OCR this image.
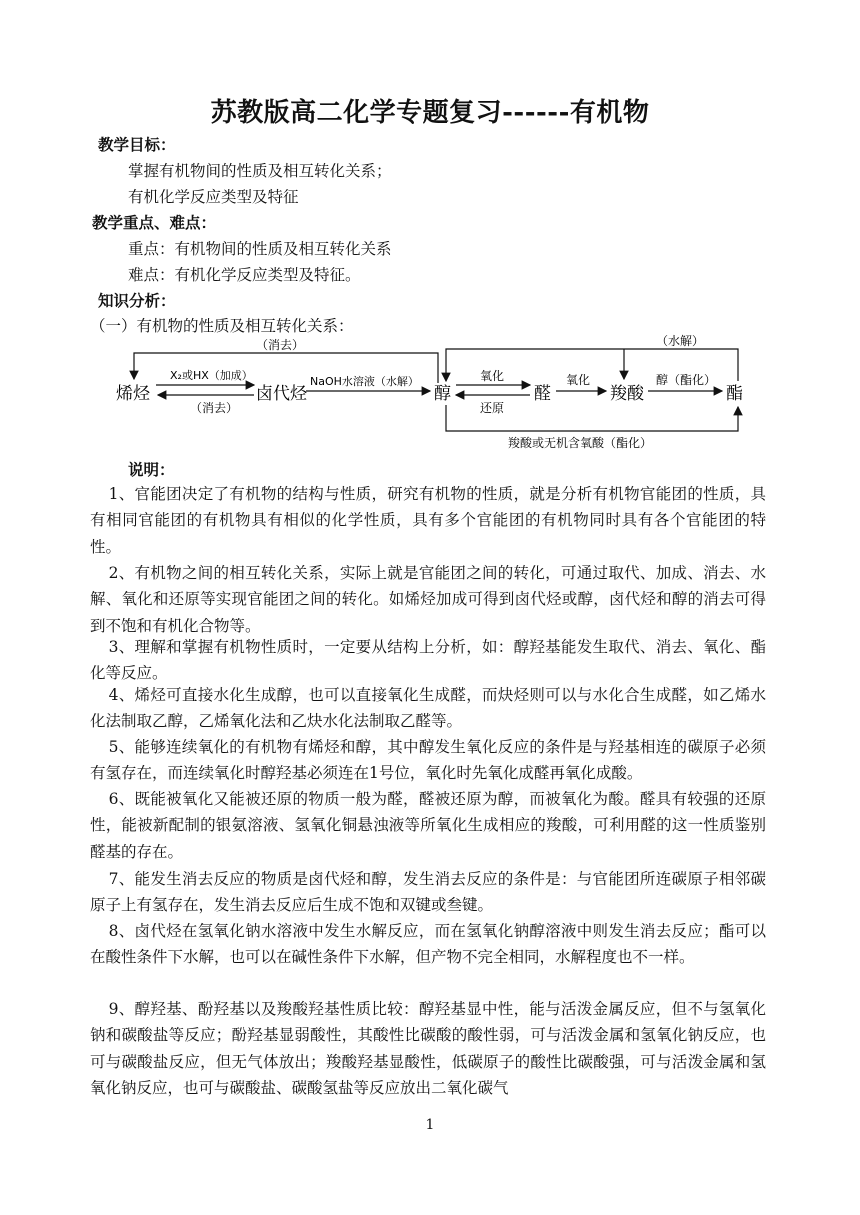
苏教版高二化学专题复习------有机物
教学目标：
掌握有机物间的性质及相互转化关系；
有机化学反应类型及特征
教学重点、难点：
重点：有机物间的性质及相互转化关系
难点：有机化学反应类型及特征。
知识分析：
（一）有机物的性质及相互转化关系：
烯烃	卤代烃	醇	醛	羧酸	酯
X₂或HX（加成）
（消去）
（消去）
NaOH水溶液（水解）	氧化
还原
氧化	醇（酯化）
（水解）
羧酸或无机含氧酸（酯化）
说明：
1、官能团决定了有机物的结构与性质，研究有机物的性质，就是分析有机物官能团的性质，具有相同官能团的有机物具有相似的化学性质，具有多个官能团的有机物同时具有各个官能团的特性。
2、有机物之间的相互转化关系，实际上就是官能团之间的转化，可通过取代、加成、消去、水解、氧化和还原等实现官能团之间的转化。如烯烃加成可得到卤代烃或醇，卤代烃和醇的消去可得到不饱和有机化合物等。
3、理解和掌握有机物性质时，一定要从结构上分析，如：醇羟基能发生取代、消去、氧化、酯化等反应。
4、烯烃可直接水化生成醇，也可以直接氧化生成醛，而炔烃则可以与水化合生成醛，如乙烯水化法制取乙醇，乙烯氧化法和乙炔水化法制取乙醛等。
5、能够连续氧化的有机物有烯烃和醇，其中醇发生氧化反应的条件是与羟基相连的碳原子必须有氢存在，而连续氧化时醇羟基必须连在1号位，氧化时先氧化成醛再氧化成酸。
6、既能被氧化又能被还原的物质一般为醛，醛被还原为醇，而被氧化为酸。醛具有较强的还原性，能被新配制的银氨溶液、氢氧化铜悬浊液等所氧化生成相应的羧酸，可利用醛的这一性质鉴别醛基的存在。
7、能发生消去反应的物质是卤代烃和醇，发生消去反应的条件是：与官能团所连碳原子相邻碳原子上有氢存在，发生消去反应后生成不饱和双键或叁键。
8、卤代烃在氢氧化钠水溶液中发生水解反应，而在氢氧化钠醇溶液中则发生消去反应；酯可以在酸性条件下水解，也可以在碱性条件下水解，但产物不完全相同，水解程度也不一样。
9、醇羟基、酚羟基以及羧酸羟基性质比较：醇羟基显中性，能与活泼金属反应，但不与氢氧化钠和碳酸盐等反应；酚羟基显弱酸性，其酸性比碳酸的酸性弱，可与活泼金属和氢氧化钠反应，也可与碳酸盐反应，但无气体放出；羧酸羟基显酸性，低碳原子的酸性比碳酸强，可与活泼金属和氢氧化钠反应，也可与碳酸盐、碳酸氢盐等反应放出二氧化碳气
1
